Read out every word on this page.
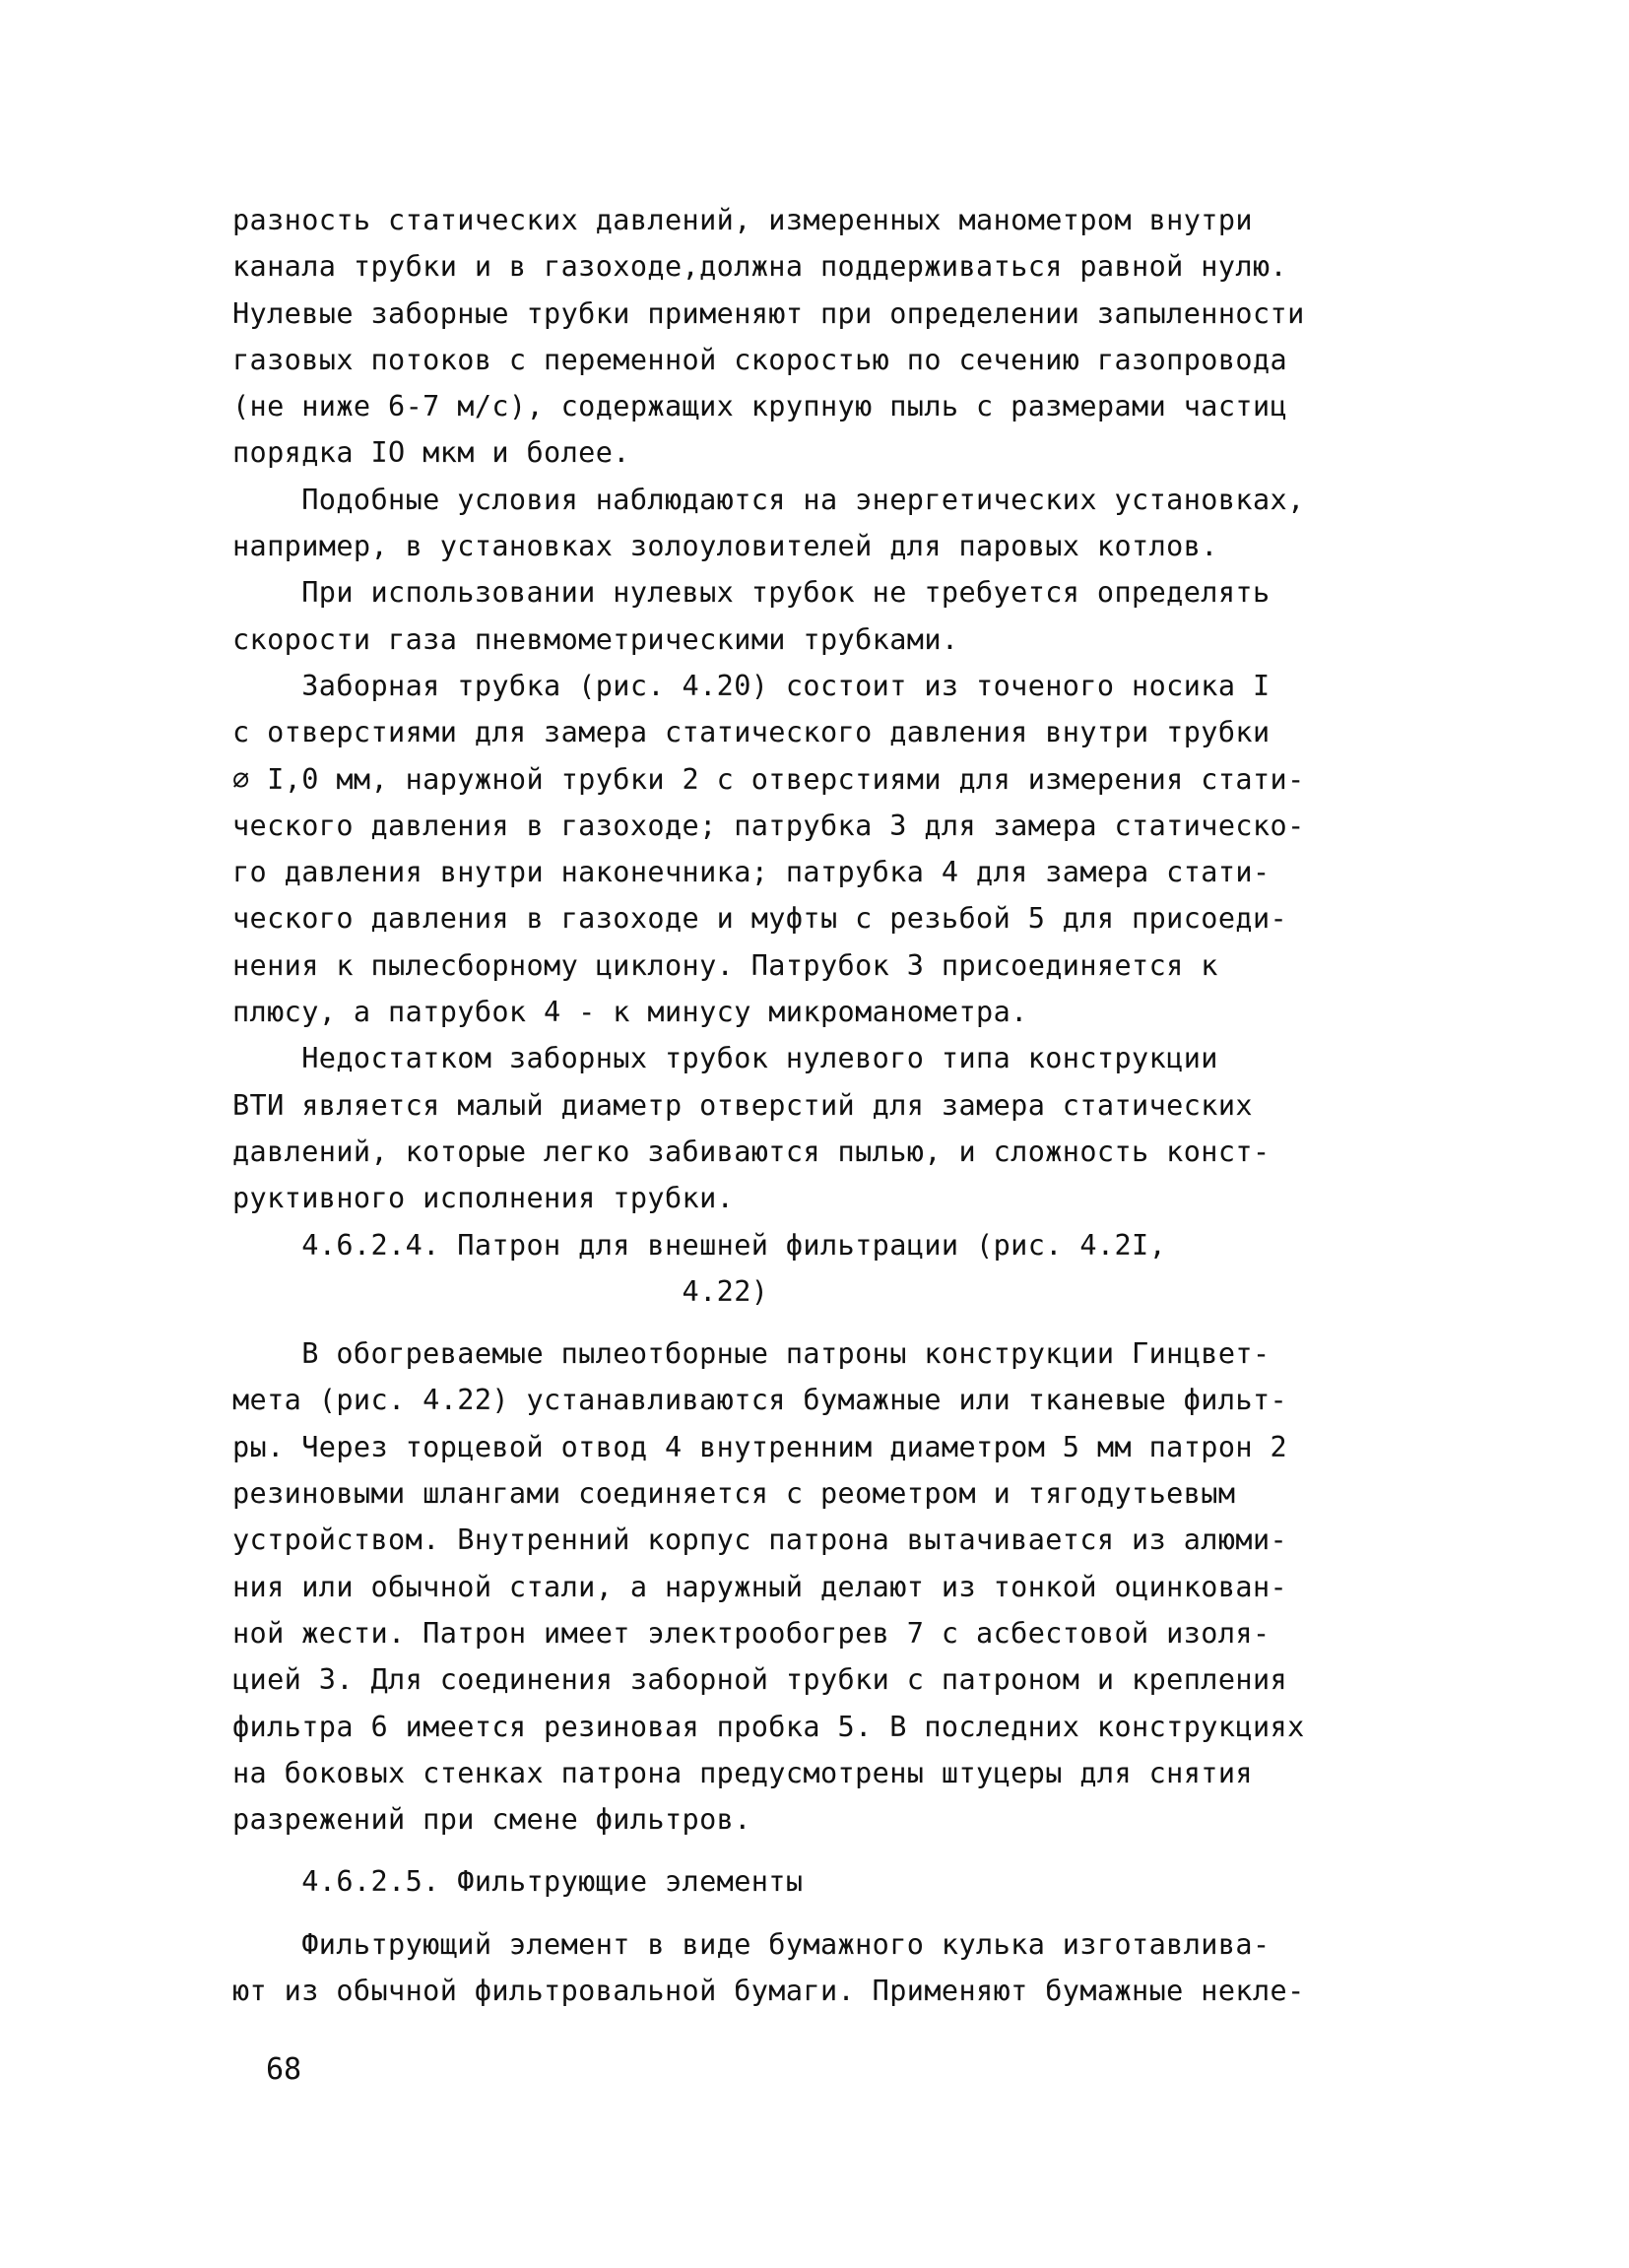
разность статических давлений, измеренных манометром внутри
канала трубки и в газоходе,должна поддерживаться равной нулю.
Нулевые заборные трубки применяют при определении запыленности
газовых потоков с переменной скоростью по сечению газопровода
(не ниже 6-7 м/с), содержащих крупную пыль с размерами частиц
порядка IO мкм и более.
Подобные условия наблюдаются на энергетических установках,
например, в установках золоуловителей для паровых котлов.
При использовании нулевых трубок не требуется определять
скорости газа пневмометрическими трубками.
Заборная трубка (рис. 4.20) состоит из точеного носика I
с отверстиями для замера статического давления внутри трубки
∅ I,0 мм, наружной трубки 2 с отверстиями для измерения стати-
ческого давления в газоходе; патрубка 3 для замера статическо-
го давления внутри наконечника; патрубка 4 для замера стати-
ческого давления в газоходе и муфты с резьбой 5 для присоеди-
нения к пылесборному циклону. Патрубок 3 присоединяется к
плюсу, а патрубок 4 - к минусу микроманометра.
Недостатком заборных трубок нулевого типа конструкции
ВТИ является малый диаметр отверстий для замера статических
давлений, которые легко забиваются пылью, и сложность конст-
руктивного исполнения трубки.
4.6.2.4. Патрон для внешней фильтрации (рис. 4.2I,
4.22)
В обогреваемые пылеотборные патроны конструкции Гинцвет-
мета (рис. 4.22) устанавливаются бумажные или тканевые фильт-
ры. Через торцевой отвод 4 внутренним диаметром 5 мм патрон 2
резиновыми шлангами соединяется с реометром и тягодутьевым
устройством. Внутренний корпус патрона вытачивается из алюми-
ния или обычной стали, а наружный делают из тонкой оцинкован-
ной жести. Патрон имеет электрообогрев 7 с асбестовой изоля-
цией 3. Для соединения заборной трубки с патроном и крепления
фильтра 6 имеется резиновая пробка 5. В последних конструкциях
на боковых стенках патрона предусмотрены штуцеры для снятия
разрежений при смене фильтров.
4.6.2.5. Фильтрующие элементы
Фильтрующий элемент в виде бумажного кулька изготавлива-
ют из обычной фильтровальной бумаги. Применяют бумажные некле-
68
